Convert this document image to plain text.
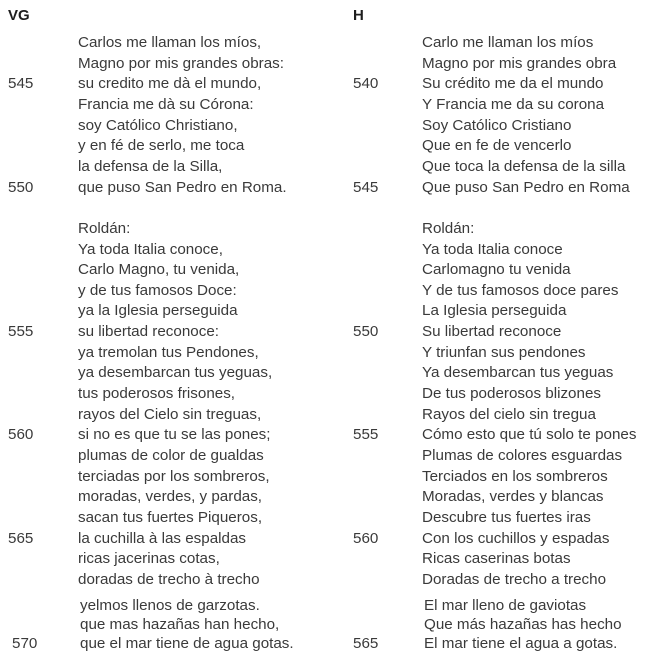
VG	H
Carlos me llaman los míos,
Magno por mis grandes obras:
545	su credito me dà el mundo,
Francia me dà su Córona:
soy Católico Christiano,
y en fé de serlo, me toca
la defensa de la Silla,
550	que puso San Pedro en Roma.
Roldán:
Ya toda Italia conoce,
Carlo Magno, tu venida,
y de tus famosos Doce:
ya la Iglesia perseguida
555	su libertad reconoce:
ya tremolan tus Pendones,
ya desembarcan tus yeguas,
tus poderosos frisones,
rayos del Cielo sin treguas,
560	si no es que tu se las pones;
plumas de color de gualdas
terciadas por los sombreros,
moradas, verdes, y pardas,
sacan tus fuertes Piqueros,
565	la cuchilla à las espaldas
ricas jacerinas cotas,
doradas de trecho à trecho
yelmos llenos de garzotas.
que mas hazañas han hecho,
570	que el mar tiene de agua gotas.
Carlo me llaman los míos
Magno por mis grandes obra
540	Su crédito me da el mundo
Y Francia me da su corona
Soy Católico Cristiano
Que en fe de vencerlo
Que toca la defensa de la silla
545	Que puso San Pedro en Roma
Roldán:
Ya toda Italia conoce
Carlomagno tu venida
Y de tus famosos doce pares
La Iglesia perseguida
550	Su libertad reconoce
Y triunfan sus pendones
Ya desembarcan tus yeguas
De tus poderosos blizones
Rayos del cielo sin tregua
555	Cómo esto que tú solo te pones
Plumas de colores esguardas
Terciados en los sombreros
Moradas, verdes y blancas
Descubre tus fuertes iras
560	Con los cuchillos y espadas
Ricas caserinas botas
Doradas de trecho a trecho
El mar lleno de gaviotas
Que más hazañas has hecho
565	El mar tiene el agua a gotas.
